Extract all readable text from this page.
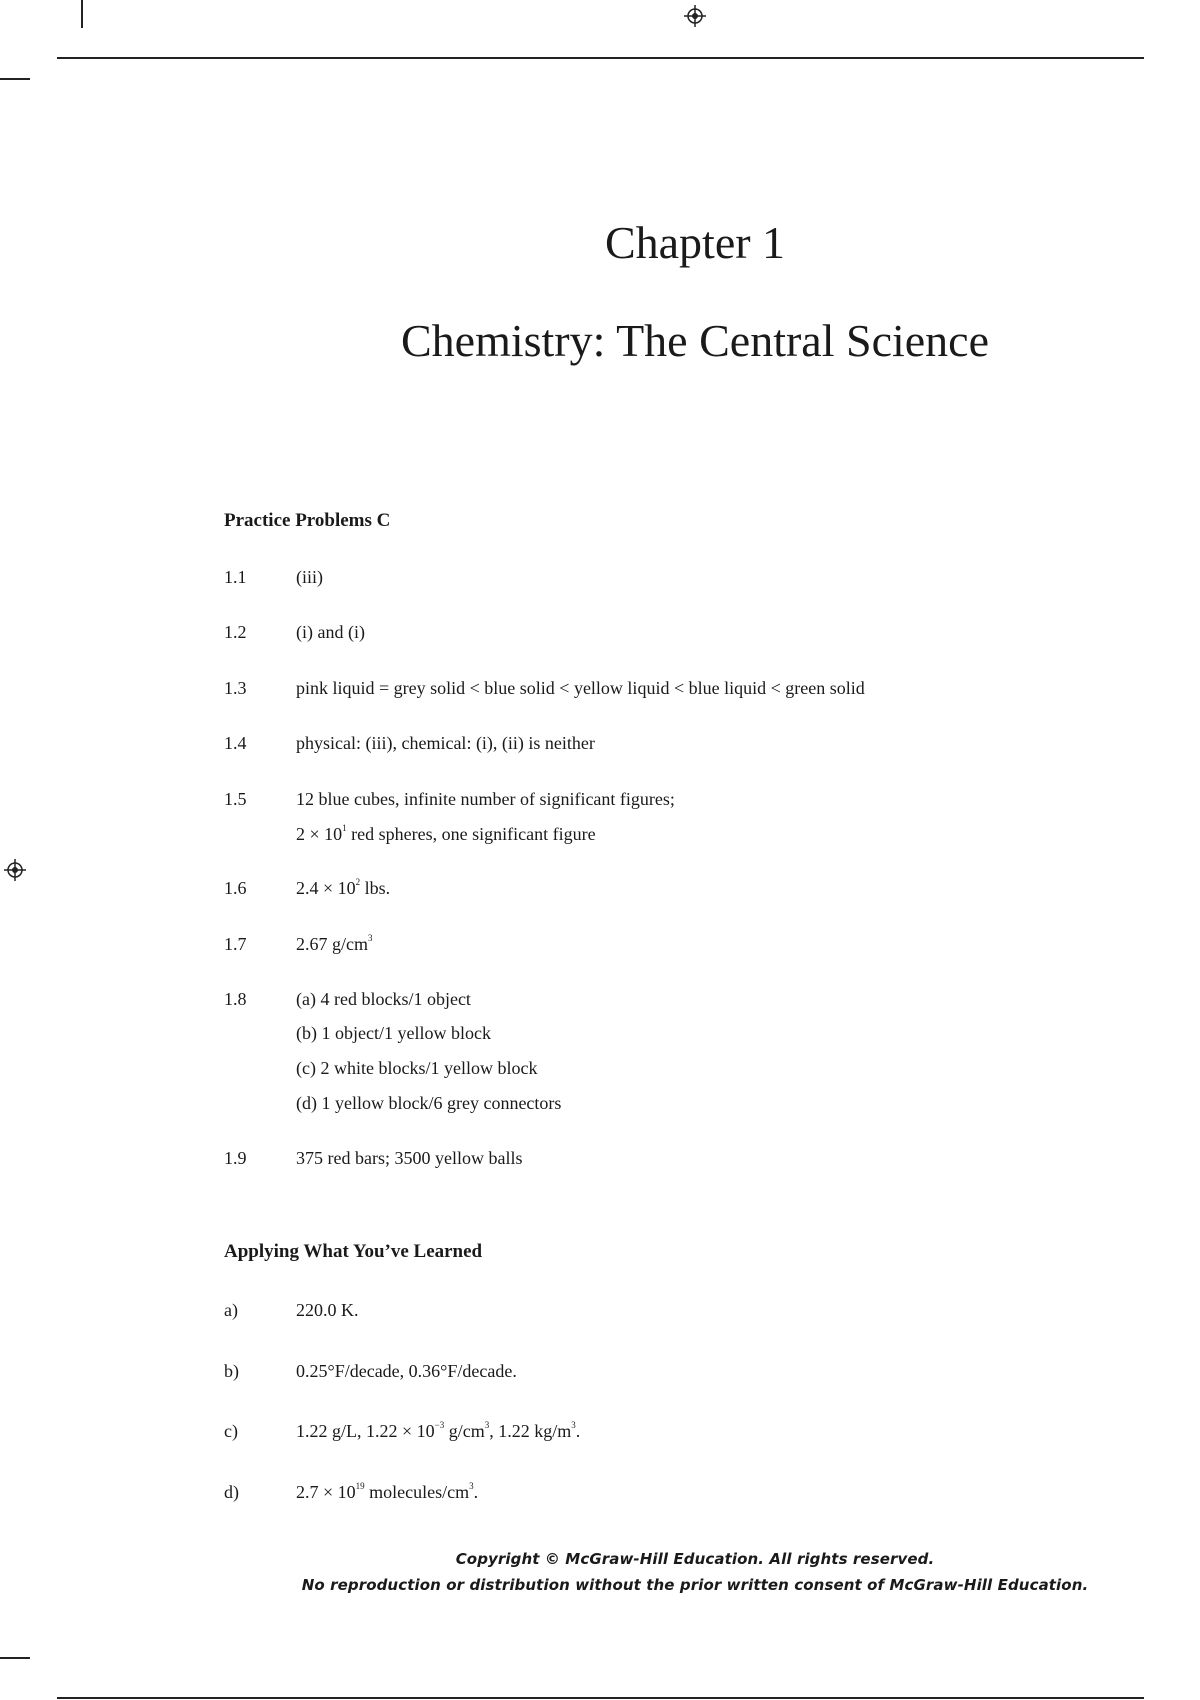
Chapter 1
Chemistry: The Central Science
Practice Problems C
1.1	(iii)
1.2	(i) and (i)
1.3	pink liquid = grey solid < blue solid < yellow liquid < blue liquid < green solid
1.4	physical: (iii), chemical: (i), (ii) is neither
1.5	12 blue cubes, infinite number of significant figures;
$2 \times 10^1$ red spheres, one significant figure
1.6	$2.4 \times 10^2$ lbs.
1.7	2.67 $g/cm^3$
1.8	(a) 4 red blocks/1 object
(b) 1 object/1 yellow block
(c) 2 white blocks/1 yellow block
(d) 1 yellow block/6 grey connectors
1.9	375 red bars; 3500 yellow balls
Applying What You’ve Learned
a)	220.0 K.
b)	0.25°F/decade, 0.36°F/decade.
c)	1.22 g/L, $1.22 \times 10^{-3}$ $g/cm^3$, 1.22 $kg/m^3$.
d)	$2.7 \times 10^{19}$ molecules/$cm^3$.
Copyright © McGraw-Hill Education. All rights reserved.
No reproduction or distribution without the prior written consent of McGraw-Hill Education.
